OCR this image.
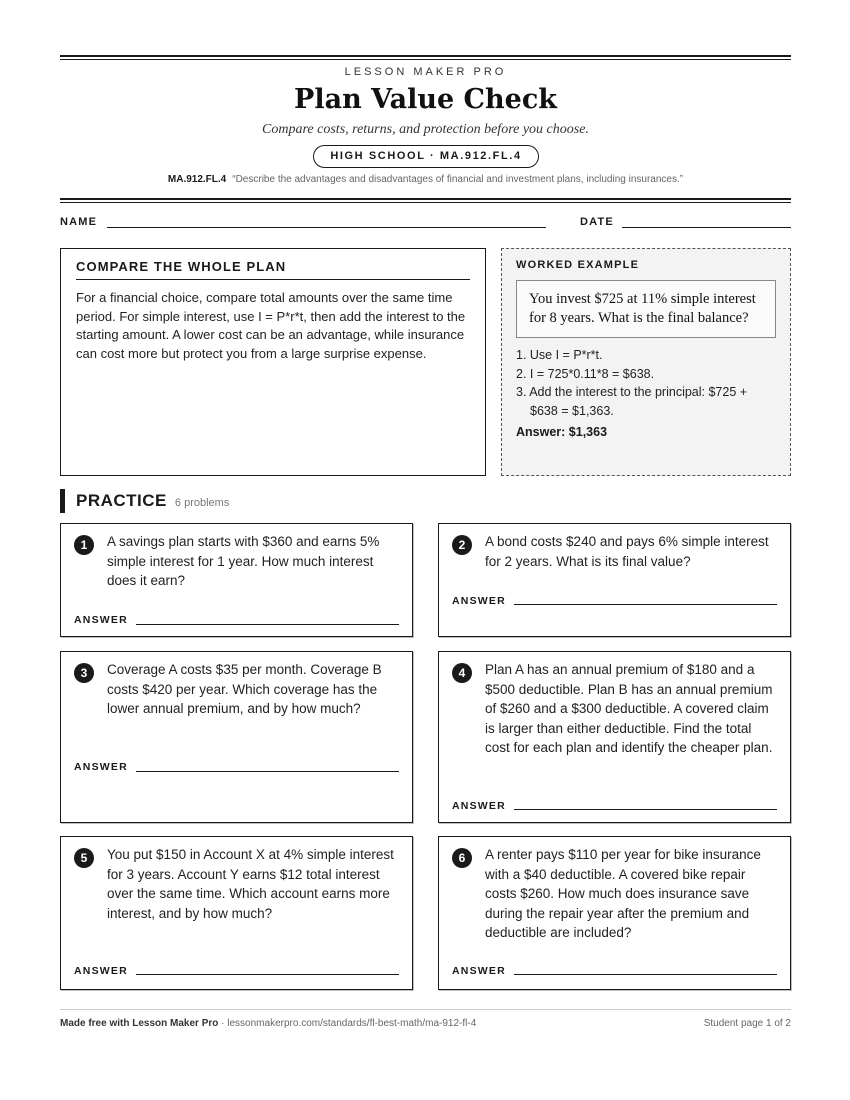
LESSON MAKER PRO
Plan Value Check
Compare costs, returns, and protection before you choose.
HIGH SCHOOL · MA.912.FL.4
MA.912.FL.4 “Describe the advantages and disadvantages of financial and investment plans, including insurances.”
NAME	DATE
COMPARE THE WHOLE PLAN
For a financial choice, compare total amounts over the same time period. For simple interest, use I = P*r*t, then add the interest to the starting amount. A lower cost can be an advantage, while insurance can cost more but protect you from a large surprise expense.
WORKED EXAMPLE
You invest $725 at 11% simple interest for 8 years. What is the final balance?
1. Use I = P*r*t.
2. I = 725*0.11*8 = $638.
3. Add the interest to the principal: $725 + $638 = $1,363.
Answer: $1,363
PRACTICE 6 problems
1	A savings plan starts with $360 and earns 5% simple interest for 1 year. How much interest does it earn?
ANSWER
2	A bond costs $240 and pays 6% simple interest for 2 years. What is its final value?
ANSWER
3	Coverage A costs $35 per month. Coverage B costs $420 per year. Which coverage has the lower annual premium, and by how much?
ANSWER
4	Plan A has an annual premium of $180 and a $500 deductible. Plan B has an annual premium of $260 and a $300 deductible. A covered claim is larger than either deductible. Find the total cost for each plan and identify the cheaper plan.
ANSWER
5	You put $150 in Account X at 4% simple interest for 3 years. Account Y earns $12 total interest over the same time. Which account earns more interest, and by how much?
ANSWER
6	A renter pays $110 per year for bike insurance with a $40 deductible. A covered bike repair costs $260. How much does insurance save during the repair year after the premium and deductible are included?
ANSWER
Made free with Lesson Maker Pro · lessonmakerpro.com/standards/fl-best-math/ma-912-fl-4	Student page 1 of 2
